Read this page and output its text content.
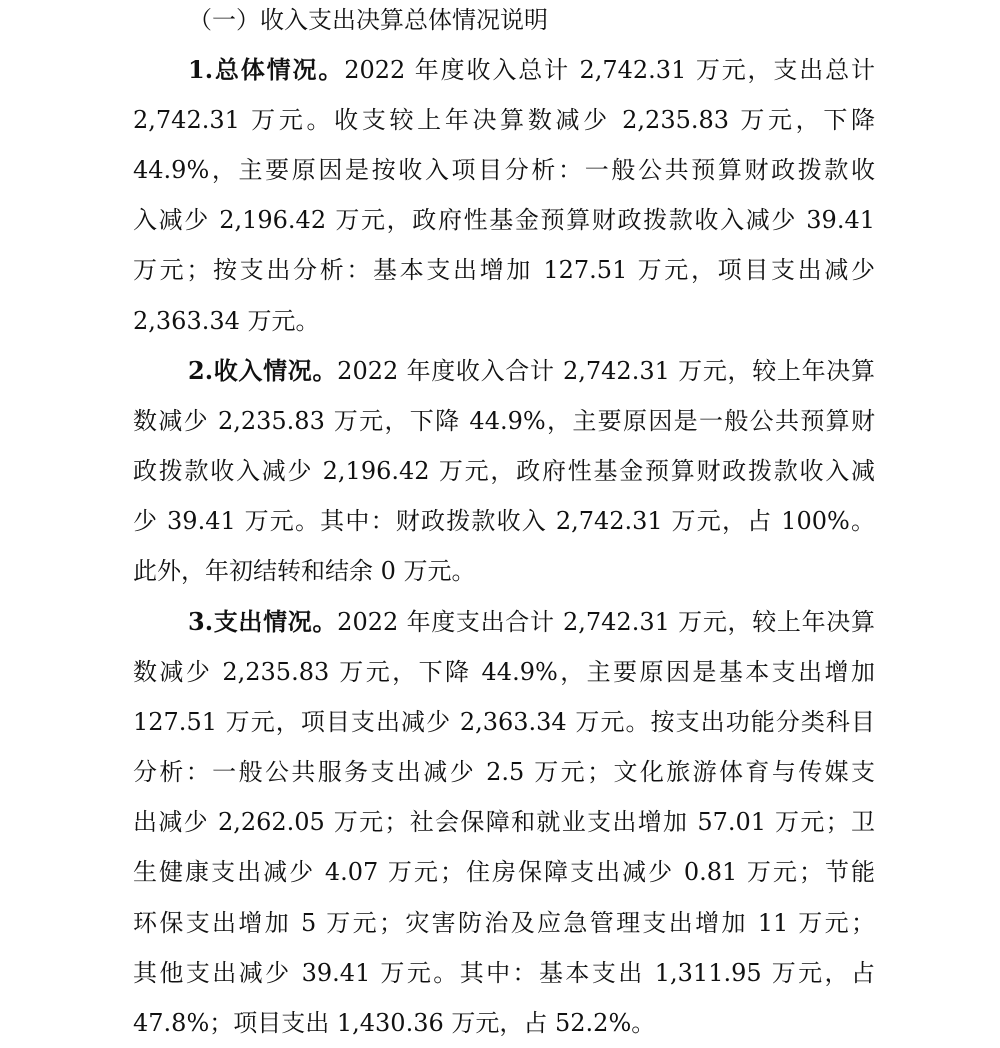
（一）收入支出决算总体情况说明
1.总体情况。2022 年度收入总计 2,742.31 万元，支出总计
2,742.31 万元。收支较上年决算数减少 2,235.83 万元，下降
44.9%，主要原因是按收入项目分析：一般公共预算财政拨款收
入减少 2,196.42 万元，政府性基金预算财政拨款收入减少 39.41
万元；按支出分析：基本支出增加 127.51 万元，项目支出减少
2,363.34 万元。
2.收入情况。2022 年度收入合计 2,742.31 万元，较上年决算
数减少 2,235.83 万元，下降 44.9%，主要原因是一般公共预算财
政拨款收入减少 2,196.42 万元，政府性基金预算财政拨款收入减
少 39.41 万元。其中：财政拨款收入 2,742.31 万元，占 100%。
此外，年初结转和结余 0 万元。
3.支出情况。2022 年度支出合计 2,742.31 万元，较上年决算
数减少 2,235.83 万元，下降 44.9%，主要原因是基本支出增加
127.51 万元，项目支出减少 2,363.34 万元。按支出功能分类科目
分析：一般公共服务支出减少 2.5 万元；文化旅游体育与传媒支
出减少 2,262.05 万元；社会保障和就业支出增加 57.01 万元；卫
生健康支出减少 4.07 万元；住房保障支出减少 0.81 万元；节能
环保支出增加 5 万元；灾害防治及应急管理支出增加 11 万元；
其他支出减少 39.41 万元。其中：基本支出 1,311.95 万元，占
47.8%；项目支出 1,430.36 万元，占 52.2%。
